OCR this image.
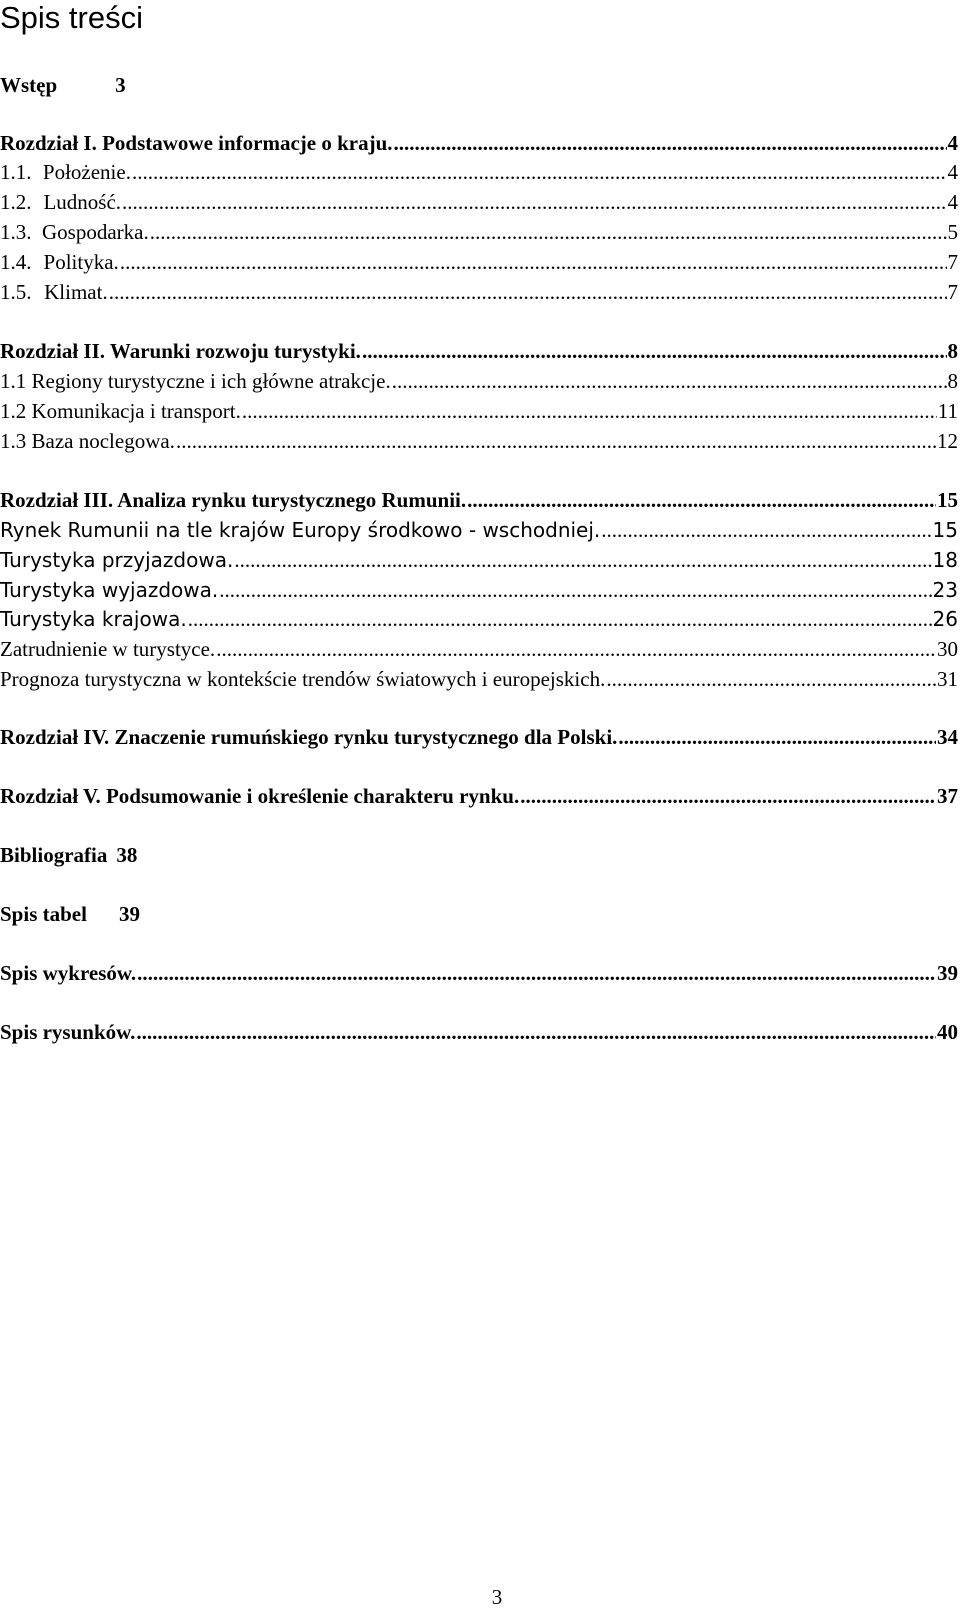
Spis treści
Wstęp	3
Rozdział I. Podstawowe informacje o kraju. .....	4
1.1. Położenie. .....	4
1.2. Ludność. .....	4
1.3. Gospodarka. .....	5
1.4. Polityka. .....	7
1.5. Klimat. .....	7
Rozdział II. Warunki rozwoju turystyki. .....	8
1.1 Regiony turystyczne i ich główne atrakcje. .....	8
1.2 Komunikacja i transport. .....	11
1.3 Baza noclegowa. .....	12
Rozdział III. Analiza rynku turystycznego Rumunii. .....	15
Rynek Rumunii na tle krajów Europy środkowo - wschodniej. .....	15
Turystyka przyjazdowa. .....	18
Turystyka wyjazdowa. .....	23
Turystyka krajowa. .....	26
Zatrudnienie w turystyce. .....	30
Prognoza turystyczna w kontekście trendów światowych i europejskich. .....	31
Rozdział IV. Znaczenie rumuńskiego rynku turystycznego dla Polski. .....	34
Rozdział V. Podsumowanie i określenie charakteru rynku. .....	37
Bibliografia 38
Spis tabel 39
Spis wykresów. .....	39
Spis rysunków. .....	40
3
